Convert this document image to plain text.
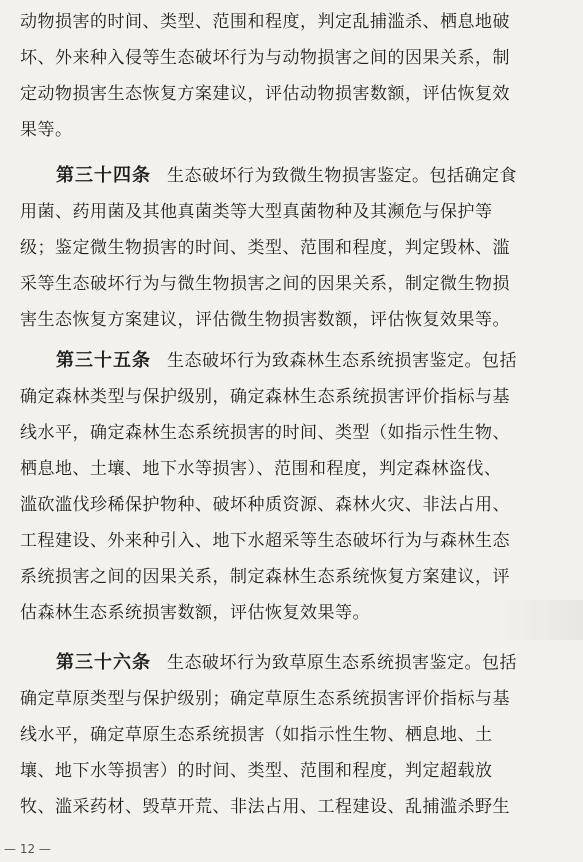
动物损害的时间、类型、范围和程度，判定乱捕滥杀、栖息地破
坏、外来种入侵等生态破坏行为与动物损害之间的因果关系，制
定动物损害生态恢复方案建议，评估动物损害数额，评估恢复效
果等。
第三十四条 生态破坏行为致微生物损害鉴定。包括确定食
用菌、药用菌及其他真菌类等大型真菌物种及其濒危与保护等
级；鉴定微生物损害的时间、类型、范围和程度，判定毁林、滥
采等生态破坏行为与微生物损害之间的因果关系，制定微生物损
害生态恢复方案建议，评估微生物损害数额，评估恢复效果等。
第三十五条 生态破坏行为致森林生态系统损害鉴定。包括
确定森林类型与保护级别，确定森林生态系统损害评价指标与基
线水平，确定森林生态系统损害的时间、类型（如指示性生物、
栖息地、土壤、地下水等损害）、范围和程度，判定森林盗伐、
滥砍滥伐珍稀保护物种、破坏种质资源、森林火灾、非法占用、
工程建设、外来种引入、地下水超采等生态破坏行为与森林生态
系统损害之间的因果关系，制定森林生态系统恢复方案建议，评
估森林生态系统损害数额，评估恢复效果等。
第三十六条 生态破坏行为致草原生态系统损害鉴定。包括
确定草原类型与保护级别；确定草原生态系统损害评价指标与基
线水平，确定草原生态系统损害（如指示性生物、栖息地、土
壤、地下水等损害）的时间、类型、范围和程度，判定超载放
牧、滥采药材、毁草开荒、非法占用、工程建设、乱捕滥杀野生
— 12 —
